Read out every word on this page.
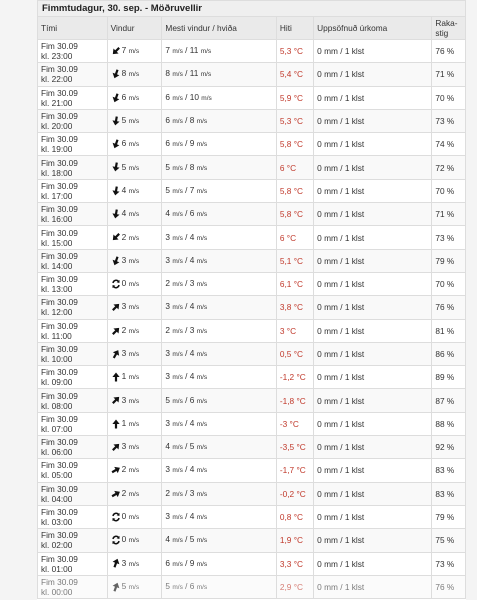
Fimmtudagur, 30. sep. - Möðruvellir
Tími	Vindur	Mesti vindur / hviða	Hiti	Uppsöfnuð úrkoma	Raka-stig
Fim 30.09
kl. 23:00	7 m/s	7 m/s / 11 m/s	5,3 °C	0 mm / 1 klst	76 %
Fim 30.09
kl. 22:00	8 m/s	8 m/s / 11 m/s	5,4 °C	0 mm / 1 klst	71 %
Fim 30.09
kl. 21:00	6 m/s	6 m/s / 10 m/s	5,9 °C	0 mm / 1 klst	70 %
Fim 30.09
kl. 20:00	5 m/s	6 m/s / 8 m/s	5,3 °C	0 mm / 1 klst	73 %
Fim 30.09
kl. 19:00	6 m/s	6 m/s / 9 m/s	5,8 °C	0 mm / 1 klst	74 %
Fim 30.09
kl. 18:00	5 m/s	5 m/s / 8 m/s	6 °C	0 mm / 1 klst	72 %
Fim 30.09
kl. 17:00	4 m/s	5 m/s / 7 m/s	5,8 °C	0 mm / 1 klst	70 %
Fim 30.09
kl. 16:00	4 m/s	4 m/s / 6 m/s	5,8 °C	0 mm / 1 klst	71 %
Fim 30.09
kl. 15:00	2 m/s	3 m/s / 4 m/s	6 °C	0 mm / 1 klst	73 %
Fim 30.09
kl. 14:00	3 m/s	3 m/s / 4 m/s	5,1 °C	0 mm / 1 klst	79 %
Fim 30.09
kl. 13:00	0 m/s	2 m/s / 3 m/s	6,1 °C	0 mm / 1 klst	70 %
Fim 30.09
kl. 12:00	3 m/s	3 m/s / 4 m/s	3,8 °C	0 mm / 1 klst	76 %
Fim 30.09
kl. 11:00	2 m/s	2 m/s / 3 m/s	3 °C	0 mm / 1 klst	81 %
Fim 30.09
kl. 10:00	3 m/s	3 m/s / 4 m/s	0,5 °C	0 mm / 1 klst	86 %
Fim 30.09
kl. 09:00	1 m/s	3 m/s / 4 m/s	-1,2 °C	0 mm / 1 klst	89 %
Fim 30.09
kl. 08:00	3 m/s	5 m/s / 6 m/s	-1,8 °C	0 mm / 1 klst	87 %
Fim 30.09
kl. 07:00	1 m/s	3 m/s / 4 m/s	-3 °C	0 mm / 1 klst	88 %
Fim 30.09
kl. 06:00	3 m/s	4 m/s / 5 m/s	-3,5 °C	0 mm / 1 klst	92 %
Fim 30.09
kl. 05:00	2 m/s	3 m/s / 4 m/s	-1,7 °C	0 mm / 1 klst	83 %
Fim 30.09
kl. 04:00	2 m/s	2 m/s / 3 m/s	-0,2 °C	0 mm / 1 klst	83 %
Fim 30.09
kl. 03:00	0 m/s	3 m/s / 4 m/s	0,8 °C	0 mm / 1 klst	79 %
Fim 30.09
kl. 02:00	0 m/s	4 m/s / 5 m/s	1,9 °C	0 mm / 1 klst	75 %
Fim 30.09
kl. 01:00	3 m/s	6 m/s / 9 m/s	3,3 °C	0 mm / 1 klst	73 %
Fim 30.09
kl. 00:00	5 m/s	5 m/s / 6 m/s	2,9 °C	0 mm / 1 klst	76 %
